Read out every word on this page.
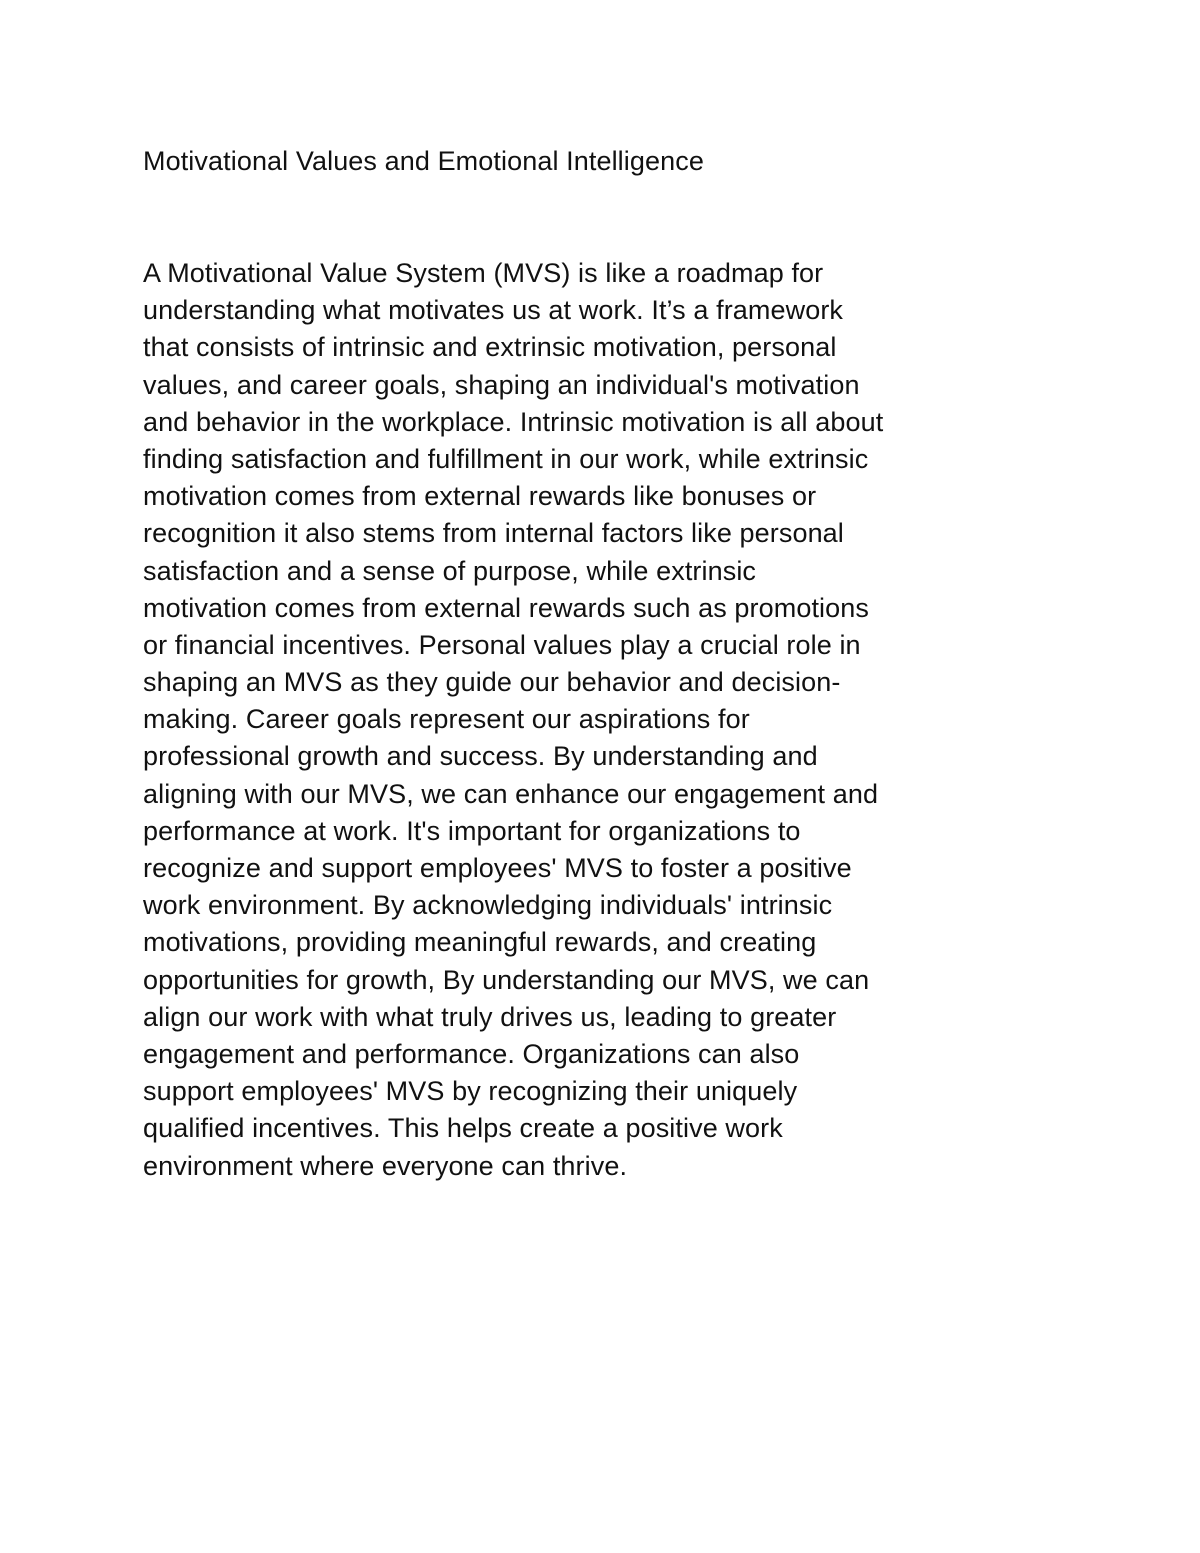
Motivational Values and Emotional Intelligence
A Motivational Value System (MVS) is like a roadmap for
understanding what motivates us at work. It’s a framework
that consists of intrinsic and extrinsic motivation, personal
values, and career goals, shaping an individual's motivation
and behavior in the workplace. Intrinsic motivation is all about
finding satisfaction and fulfillment in our work, while extrinsic
motivation comes from external rewards like bonuses or
recognition it also stems from internal factors like personal
satisfaction and a sense of purpose, while extrinsic
motivation comes from external rewards such as promotions
or financial incentives. Personal values play a crucial role in
shaping an MVS as they guide our behavior and decision-
making. Career goals represent our aspirations for
professional growth and success. By understanding and
aligning with our MVS, we can enhance our engagement and
performance at work. It's important for organizations to
recognize and support employees' MVS to foster a positive
work environment. By acknowledging individuals' intrinsic
motivations, providing meaningful rewards, and creating
opportunities for growth, By understanding our MVS, we can
align our work with what truly drives us, leading to greater
engagement and performance. Organizations can also
support employees' MVS by recognizing their uniquely
qualified incentives. This helps create a positive work
environment where everyone can thrive.
